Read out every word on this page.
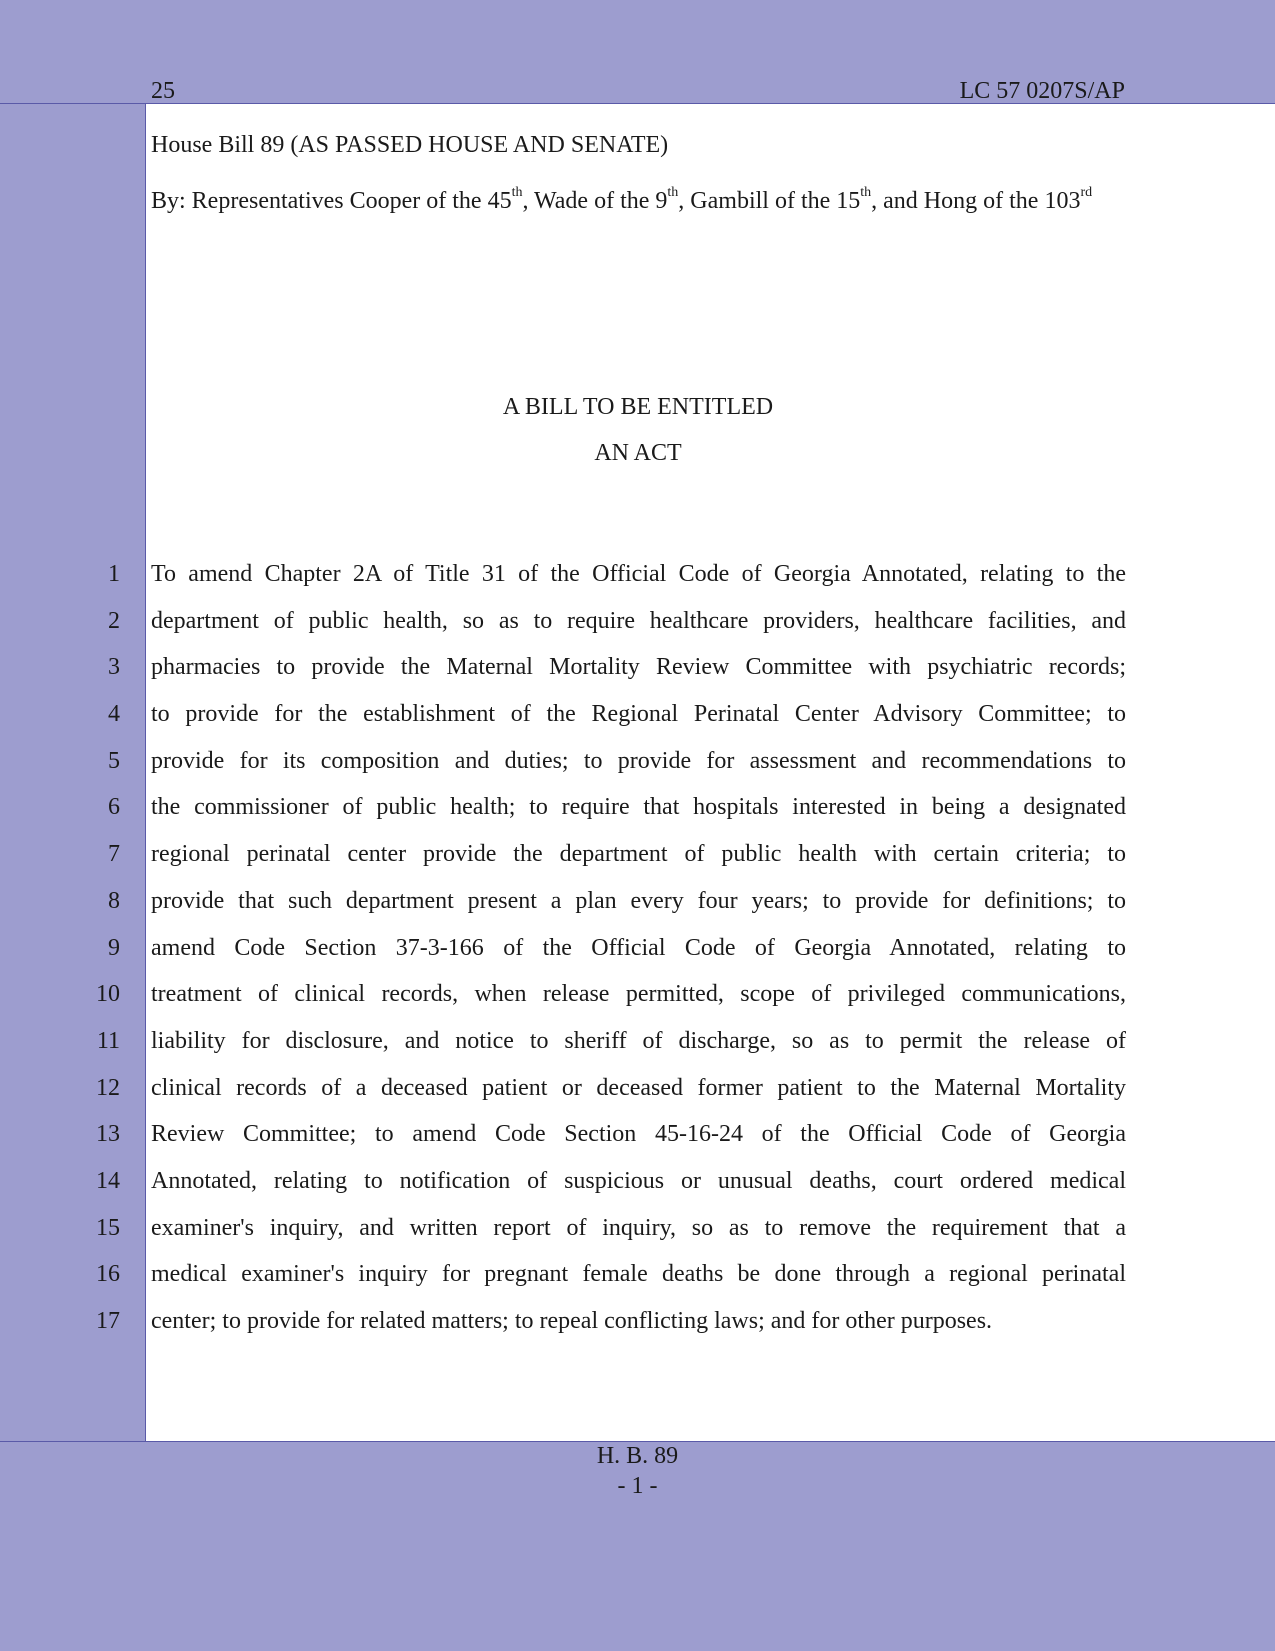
25	LC 57 0207S/AP
House Bill 89 (AS PASSED HOUSE AND SENATE)
By: Representatives Cooper of the 45th, Wade of the 9th, Gambill of the 15th, and Hong of the 103rd
A BILL TO BE ENTITLED
AN ACT
1
2
3
4
5
6
7
8
9
10
11
12
13
14
15
16
17
To amend Chapter 2A of Title 31 of the Official Code of Georgia Annotated, relating to the
department of public health, so as to require healthcare providers, healthcare facilities, and
pharmacies to provide the Maternal Mortality Review Committee with psychiatric records;
to provide for the establishment of the Regional Perinatal Center Advisory Committee; to
provide for its composition and duties; to provide for assessment and recommendations to
the commissioner of public health; to require that hospitals interested in being a designated
regional perinatal center provide the department of public health with certain criteria; to
provide that such department present a plan every four years; to provide for definitions; to
amend Code Section 37-3-166 of the Official Code of Georgia Annotated, relating to
treatment of clinical records, when release permitted, scope of privileged communications,
liability for disclosure, and notice to sheriff of discharge, so as to permit the release of
clinical records of a deceased patient or deceased former patient to the Maternal Mortality
Review Committee; to amend Code Section 45-16-24 of the Official Code of Georgia
Annotated, relating to notification of suspicious or unusual deaths, court ordered medical
examiner's inquiry, and written report of inquiry, so as to remove the requirement that a
medical examiner's inquiry for pregnant female deaths be done through a regional perinatal
center; to provide for related matters; to repeal conflicting laws; and for other purposes.
H. B. 89
- 1 -
